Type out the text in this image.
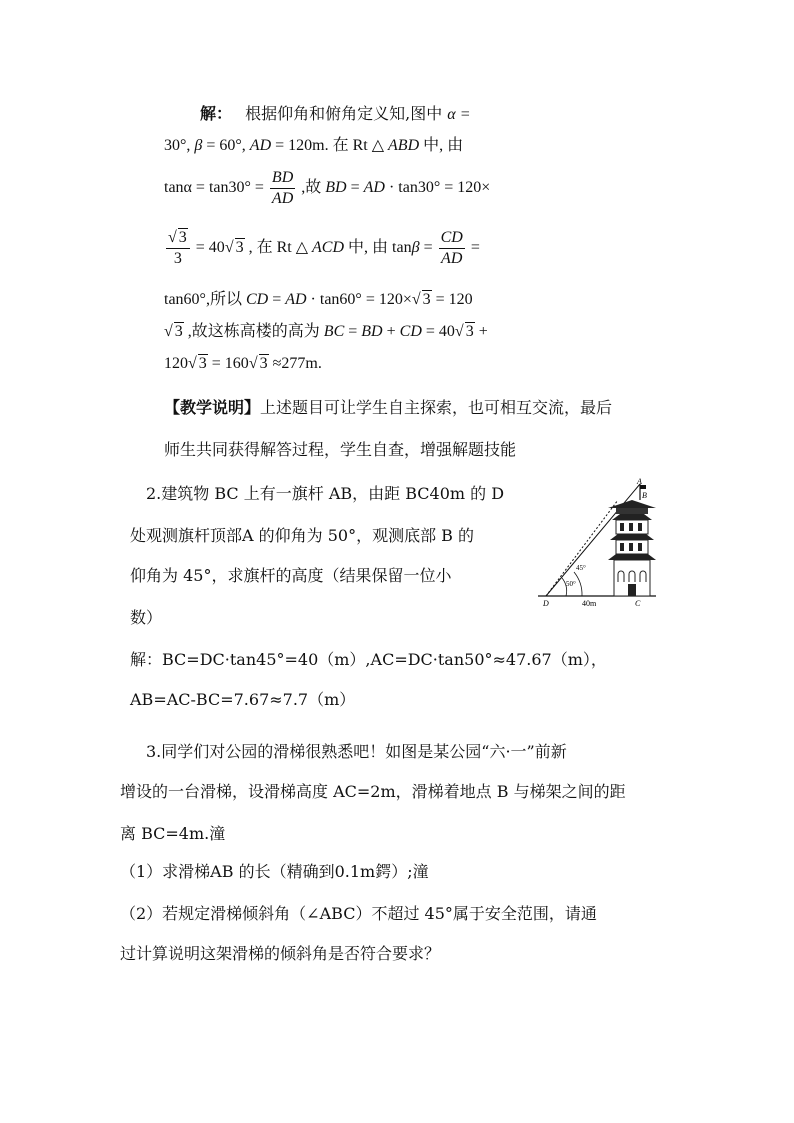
解： 根据仰角和俯角定义知,图中 α =
30°, β = 60°, AD = 120m. 在 Rt △ ABD 中, 由
$\tan\alpha = \tan 30^\circ = \frac{BD}{AD}$ ,故 BD = AD · tan30° = 120×
$\frac{√ 3}{3} = 40√$ 3 , 在 Rt △ ACD 中, 由 $\tan\beta = \frac{CD}{AD}$ =
tan60°,所以 CD = AD · tan60° = 120×√ 3 = 120
√ 3 ,故这栋高楼的高为 BC = BD + CD = 40√ 3 +
120√ 3 = 160√ 3 ≈277m.
【教学说明】上述题目可让学生自主探索，也可相互交流，最后
师生共同获得解答过程，学生自查，增强解题技能
2.建筑物 BC 上有一旗杆 AB，由距 BC40m 的 D
处观测旗杆顶部A 的仰角为 50°，观测底部 B 的
仰角为 45°，求旗杆的高度（结果保留一位小
数）
解：BC=DC·tan45°=40（m）,AC=DC·tan50°≈47.67（m），
AB=AC-BC=7.67≈7.7（m）
A
B
C
D
45°
50°
40m
3.同学们对公园的滑梯很熟悉吧！如图是某公园“六·一”前新
增设的一台滑梯，设滑梯高度 AC=2m，滑梯着地点 B 与梯架之间的距
离 BC=4m.潼
（1）求滑梯AB 的长（精确到0.1m鍔）;潼
（2）若规定滑梯倾斜角（∠ABC）不超过 45°属于安全范围，请通
过计算说明这架滑梯的倾斜角是否符合要求？
